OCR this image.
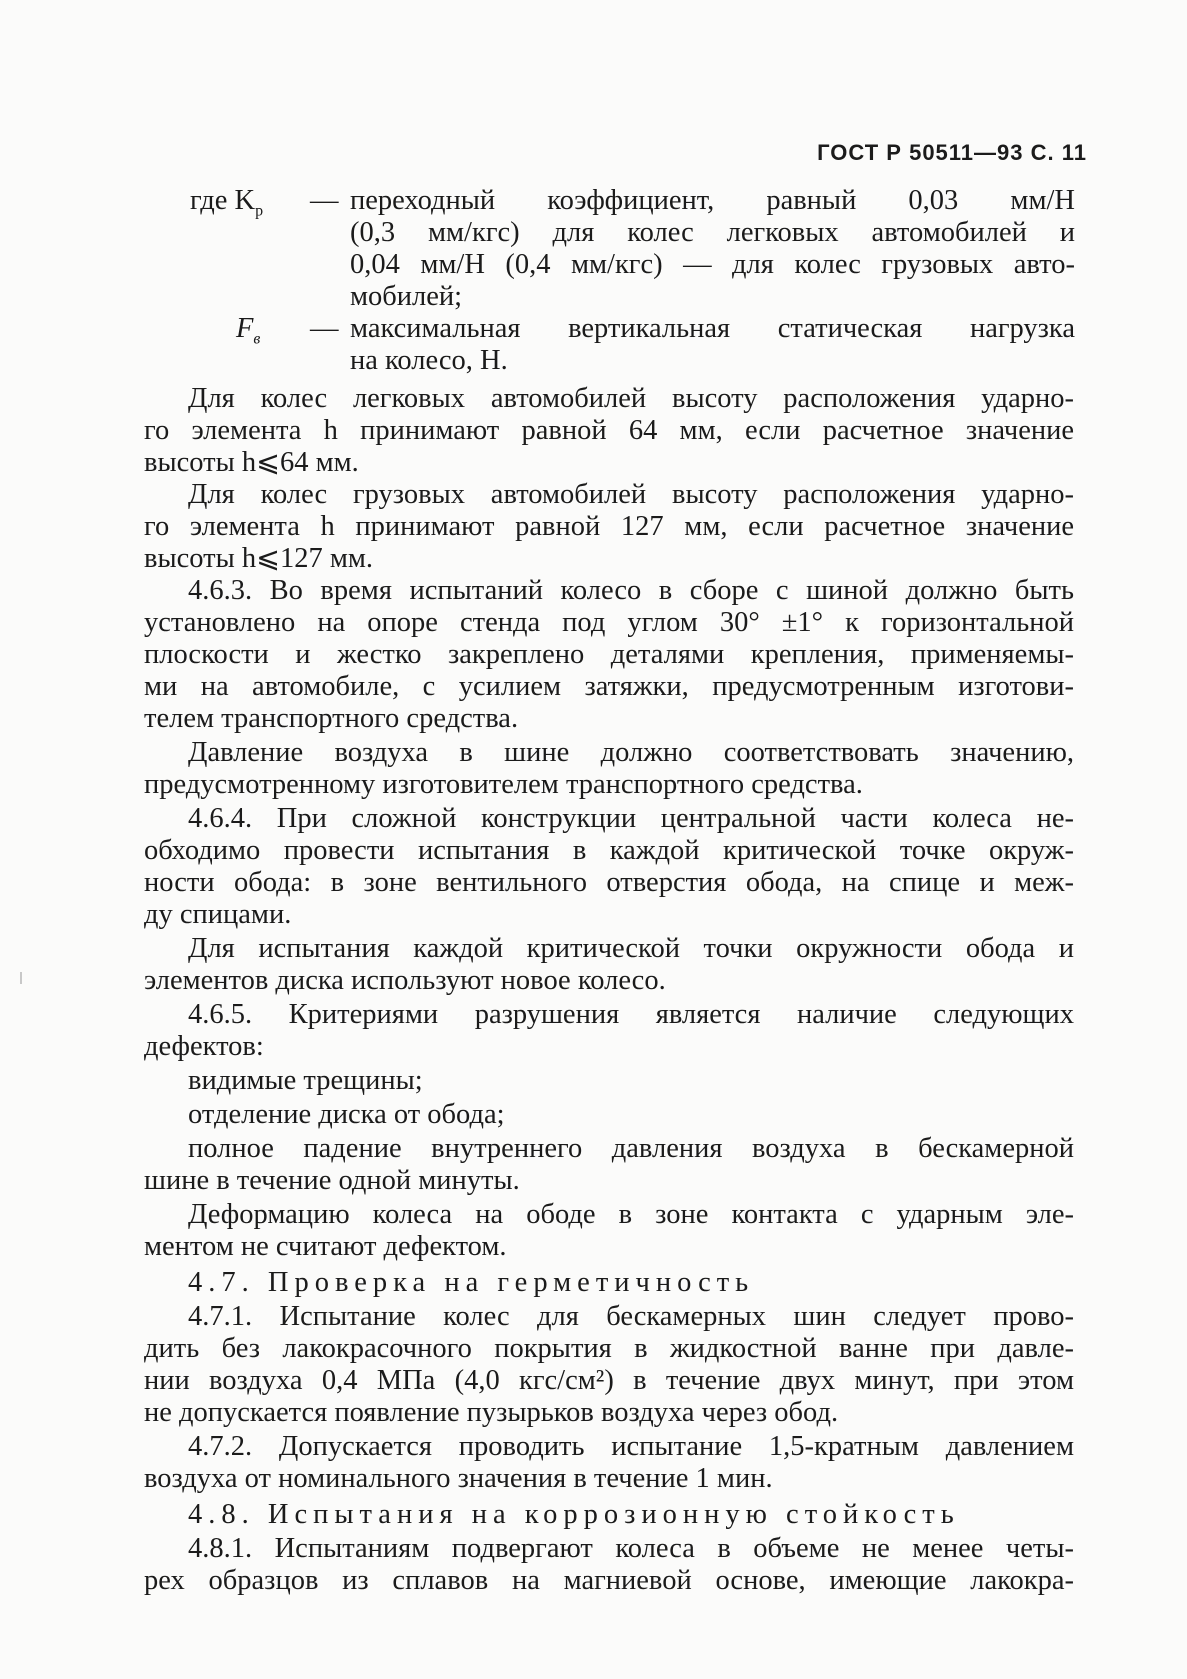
ГОСТ Р 50511—93 С. 11
где $K_р$ — переходный коэффициент, равный 0,03 мм/Н
(0,3 мм/кгс) для колес легковых автомобилей и
0,04 мм/Н (0,4 мм/кгс) — для колес грузовых авто-
мобилей;
$F_в$ — максимальная вертикальная статическая нагрузка
на колесо, Н.
Для колес легковых автомобилей высоту расположения ударно-
го элемента h принимают равной 64 мм, если расчетное значение
высоты h⩽64 мм.
Для колес грузовых автомобилей высоту расположения ударно-
го элемента h принимают равной 127 мм, если расчетное значение
высоты h⩽127 мм.
4.6.3. Во время испытаний колесо в сборе с шиной должно быть
установлено на опоре стенда под углом 30° ±1° к горизонтальной
плоскости и жестко закреплено деталями крепления, применяемы-
ми на автомобиле, с усилием затяжки, предусмотренным изготови-
телем транспортного средства.
Давление воздуха в шине должно соответствовать значению,
предусмотренному изготовителем транспортного средства.
4.6.4. При сложной конструкции центральной части колеса не-
обходимо провести испытания в каждой критической точке окруж-
ности обода: в зоне вентильного отверстия обода, на спице и меж-
ду спицами.
Для испытания каждой критической точки окружности обода и
элементов диска используют новое колесо.
4.6.5. Критериями разрушения является наличие следующих
дефектов:
видимые трещины;
отделение диска от обода;
полное падение внутреннего давления воздуха в бескамерной
шине в течение одной минуты.
Деформацию колеса на ободе в зоне контакта с ударным эле-
ментом не считают дефектом.
4.7. Проверка на герметичность
4.7.1. Испытание колес для бескамерных шин следует прово-
дить без лакокрасочного покрытия в жидкостной ванне при давле-
нии воздуха 0,4 МПа (4,0 кгс/см²) в течение двух минут, при этом
не допускается появление пузырьков воздуха через обод.
4.7.2. Допускается проводить испытание 1,5-кратным давлением
воздуха от номинального значения в течение 1 мин.
4.8. Испытания на коррозионную стойкость
4.8.1. Испытаниям подвергают колеса в объеме не менее четы-
рех образцов из сплавов на магниевой основе, имеющие лакокра-
